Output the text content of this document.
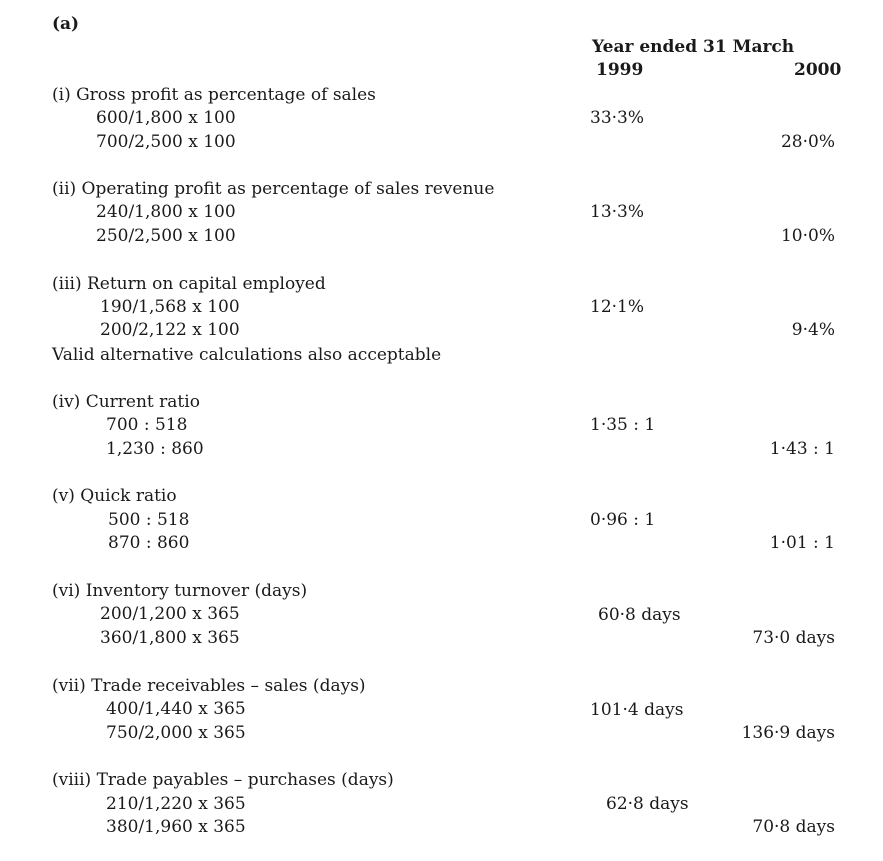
(a)
Year ended 31 March
1999	2000
(i) Gross profit as percentage of sales
600/1,800 x 100
700/2,500 x 100
33·3%
28·0%
(ii) Operating profit as percentage of sales revenue
240/1,800 x 100
250/2,500 x 100
13·3%
10·0%
(iii) Return on capital employed
190/1,568 x 100
200/2,122 x 100
12·1%
9·4%
Valid alternative calculations also acceptable
(iv) Current ratio
700 : 518
1,230 : 860
1·35 : 1
1·43 : 1
(v) Quick ratio
500 : 518
870 : 860
0·96 : 1
1·01 : 1
(vi) Inventory turnover (days)
200/1,200 x 365
360/1,800 x 365
60·8 days
73·0 days
(vii) Trade receivables – sales (days)
400/1,440 x 365
750/2,000 x 365
101·4 days
136·9 days
(viii) Trade payables – purchases (days)
210/1,220 x 365
380/1,960 x 365
62·8 days
70·8 days
